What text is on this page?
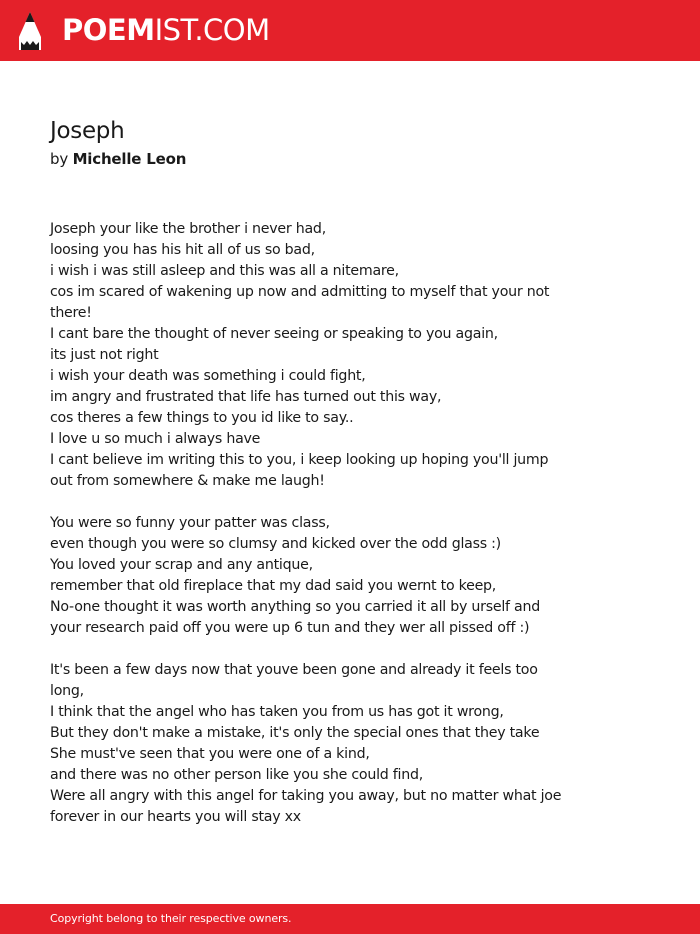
POEMIST.COM
Joseph
by Michelle Leon
Joseph your like the brother i never had,
loosing you has his hit all of us so bad,
i wish i was still asleep and this was all a nitemare,
cos im scared of wakening up now and admitting to myself that your not
there!
I cant bare the thought of never seeing or speaking to you again,
its just not right
i wish your death was something i could fight,
im angry and frustrated that life has turned out this way,
cos theres a few things to you id like to say..
I love u so much i always have
I cant believe im writing this to you, i keep looking up hoping you'll jump
out from somewhere & make me laugh!
You were so funny your patter was class,
even though you were so clumsy and kicked over the odd glass :)
You loved your scrap and any antique,
remember that old fireplace that my dad said you wernt to keep,
No-one thought it was worth anything so you carried it all by urself and
your research paid off you were up 6 tun and they wer all pissed off :)
It's been a few days now that youve been gone and already it feels too
long,
I think that the angel who has taken you from us has got it wrong,
But they don't make a mistake, it's only the special ones that they take
She must've seen that you were one of a kind,
and there was no other person like you she could find,
Were all angry with this angel for taking you away, but no matter what joe
forever in our hearts you will stay xx
Copyright belong to their respective owners.
